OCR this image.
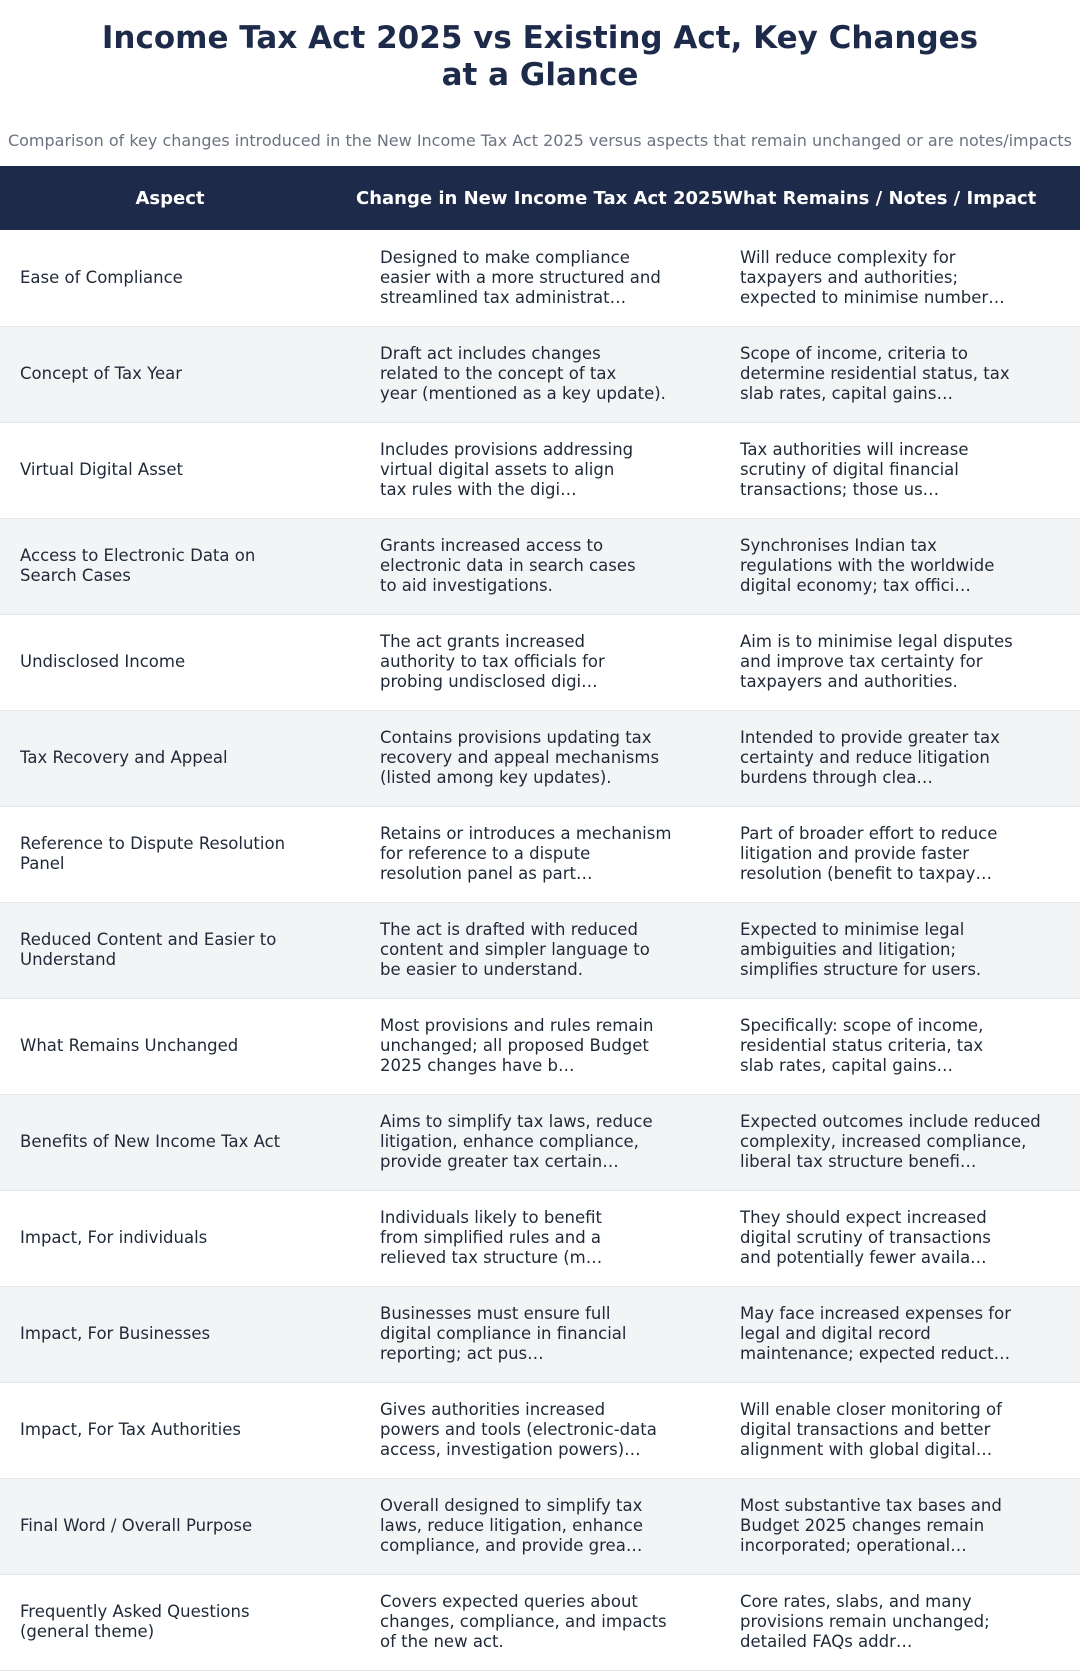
Income Tax Act 2025 vs Existing Act, Key Changes
at a Glance

Comparison of key changes introduced in the New Income Tax Act 2025 versus aspects that remain unchanged or are notes/impacts

Aspect	Change in New Income Tax Act 2025	What Remains / Notes / Impact

Ease of Compliance	Designed to make compliance
easier with a more structured and
streamlined tax administrat…	Will reduce complexity for
taxpayers and authorities;
expected to minimise number…

Concept of Tax Year	Draft act includes changes
related to the concept of tax
year (mentioned as a key update).	Scope of income, criteria to
determine residential status, tax
slab rates, capital gains…

Virtual Digital Asset	Includes provisions addressing
virtual digital assets to align
tax rules with the digi…	Tax authorities will increase
scrutiny of digital financial
transactions; those us…

Access to Electronic Data on
Search Cases	Grants increased access to
electronic data in search cases
to aid investigations.	Synchronises Indian tax
regulations with the worldwide
digital economy; tax offici…

Undisclosed Income	The act grants increased
authority to tax officials for
probing undisclosed digi…	Aim is to minimise legal disputes
and improve tax certainty for
taxpayers and authorities.

Tax Recovery and Appeal	Contains provisions updating tax
recovery and appeal mechanisms
(listed among key updates).	Intended to provide greater tax
certainty and reduce litigation
burdens through clea…

Reference to Dispute Resolution
Panel	Retains or introduces a mechanism
for reference to a dispute
resolution panel as part…	Part of broader effort to reduce
litigation and provide faster
resolution (benefit to taxpay…

Reduced Content and Easier to
Understand	The act is drafted with reduced
content and simpler language to
be easier to understand.	Expected to minimise legal
ambiguities and litigation;
simplifies structure for users.

What Remains Unchanged	Most provisions and rules remain
unchanged; all proposed Budget
2025 changes have b…	Specifically: scope of income,
residential status criteria, tax
slab rates, capital gains…

Benefits of New Income Tax Act	Aims to simplify tax laws, reduce
litigation, enhance compliance,
provide greater tax certain…	Expected outcomes include reduced
complexity, increased compliance,
liberal tax structure benefi…

Impact, For individuals	Individuals likely to benefit
from simplified rules and a
relieved tax structure (m…	They should expect increased
digital scrutiny of transactions
and potentially fewer availa…

Impact, For Businesses	Businesses must ensure full
digital compliance in financial
reporting; act pus…	May face increased expenses for
legal and digital record
maintenance; expected reduct…

Impact, For Tax Authorities	Gives authorities increased
powers and tools (electronic-data
access, investigation powers)…	Will enable closer monitoring of
digital transactions and better
alignment with global digital…

Final Word / Overall Purpose	Overall designed to simplify tax
laws, reduce litigation, enhance
compliance, and provide grea…	Most substantive tax bases and
Budget 2025 changes remain
incorporated; operational…

Frequently Asked Questions
(general theme)	Covers expected queries about
changes, compliance, and impacts
of the new act.	Core rates, slabs, and many
provisions remain unchanged;
detailed FAQs addr…
